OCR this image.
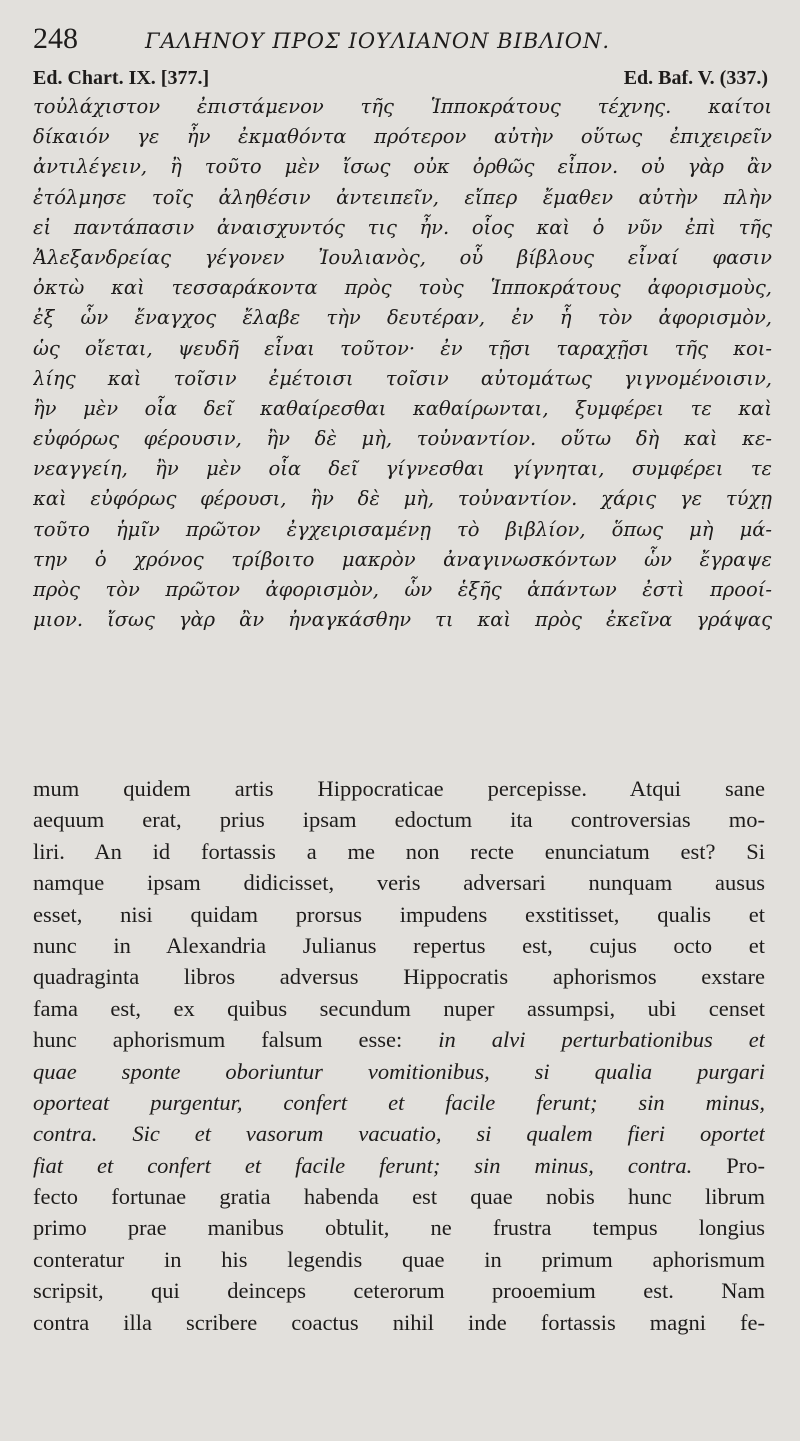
248	ΓΑΛΗΝΟΥ ΠΡΟΣ ΙΟΥΛΙΑΝΟΝ ΒΙΒΛΙΟΝ.
Ed. Chart. IX. [377.]	Ed. Baf. V. (337.)
τοὐλάχιστον ἐπιστάμενον τῆς Ἱπποκράτους τέχνης. καίτοι
δίκαιόν γε ἦν ἐκμαθόντα πρότερον αὐτὴν οὕτως ἐπιχειρεῖν
ἀντιλέγειν, ἢ τοῦτο μὲν ἴσως οὐκ ὀρθῶς εἶπον. οὐ γὰρ ἂν
ἐτόλμησε τοῖς ἀληθέσιν ἀντειπεῖν, εἴπερ ἔμαθεν αὐτὴν πλὴν
εἰ παντάπασιν ἀναισχυντός τις ἦν. οἷος καὶ ὁ νῦν ἐπὶ τῆς
Ἀλεξανδρείας γέγονεν Ἰουλιανὸς, οὗ βίβλους εἶναί φασιν
ὀκτὼ καὶ τεσσαράκοντα πρὸς τοὺς Ἱπποκράτους ἀφορισμοὺς,
ἐξ ὧν ἔναγχος ἔλαβε τὴν δευτέραν, ἐν ἧ τὸν ἀφορισμὸν,
ὡς οἴεται, ψευδῆ εἶναι τοῦτον· ἐν τῇσι ταραχῇσι τῆς κοι-
λίης καὶ τοῖσιν ἐμέτοισι τοῖσιν αὐτομάτως γιγνομένοισιν,
ἢν μὲν οἷα δεῖ καθαίρεσθαι καθαίρωνται, ξυμφέρει τε καὶ
εὐφόρως φέρουσιν, ἢν δὲ μὴ, τοὐναντίον. οὕτω δὴ καὶ κε-
νεαγγείη, ἢν μὲν οἷα δεῖ γίγνεσθαι γίγνηται, συμφέρει τε
καὶ εὐφόρως φέρουσι, ἢν δὲ μὴ, τοὐναντίον. χάρις γε τύχῃ
τοῦτο ἡμῖν πρῶτον ἐγχειρισαμένῃ τὸ βιβλίον, ὅπως μὴ μά-
την ὁ χρόνος τρίβοιτο μακρὸν ἀναγινωσκόντων ὧν ἔγραψε
πρὸς τὸν πρῶτον ἀφορισμὸν, ὧν ἑξῆς ἁπάντων ἐστὶ προοί-
μιον. ἴσως γὰρ ἂν ἠναγκάσθην τι καὶ πρὸς ἐκεῖνα γράψας
mum quidem artis Hippocraticae percepisse. Atqui sane
aequum erat, prius ipsam edoctum ita controversias mo-
liri. An id fortassis a me non recte enunciatum est? Si
namque ipsam didicisset, veris adversari nunquam ausus
esset, nisi quidam prorsus impudens exstitisset, qualis et
nunc in Alexandria Julianus repertus est, cujus octo et
quadraginta libros adversus Hippocratis aphorismos exstare
fama est, ex quibus secundum nuper assumpsi, ubi censet
hunc aphorismum falsum esse: in alvi perturbationibus et
quae sponte oboriuntur vomitionibus, si qualia purgari
oporteat purgentur, confert et facile ferunt; sin minus,
contra. Sic et vasorum vacuatio, si qualem fieri oportet
fiat et confert et facile ferunt; sin minus, contra. Pro-
fecto fortunae gratia habenda est quae nobis hunc librum
primo prae manibus obtulit, ne frustra tempus longius
conteratur in his legendis quae in primum aphorismum
scripsit, qui deinceps ceterorum prooemium est. Nam
contra illa scribere coactus nihil inde fortassis magni fe-
